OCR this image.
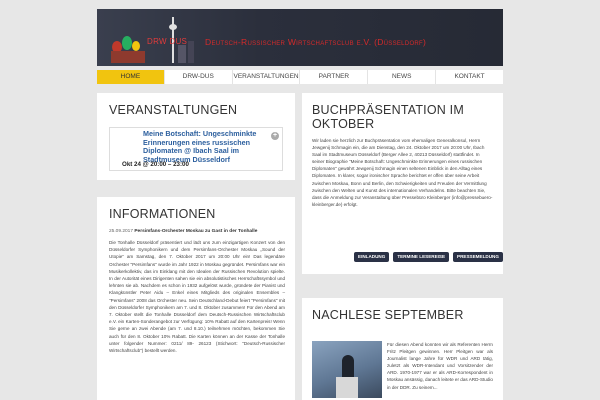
DRW DUS Deutsch-Russischer Wirtschaftsclub e.V. (Düsseldorf)
HOME	DRW-DUS	VERANSTALTUNGEN	PARTNER	NEWS	KONTAKT
VERANSTALTUNGEN
Meine Botschaft: Ungeschminkte Erinnerungen eines russischen Diplomaten @ Ibach Saal im Stadtmuseum Düsseldorf
Okt 24 @ 20:00 – 23:00
+
INFORMATIONEN

25.09.2017 Persimfans-Orchester Moskau zu Gast in der Tonhalle

Die Tonhalle Düsseldorf präsentiert und lädt uns zum einzigartigen Konzert von den Düsseldorfer Symphonikern und dem Persimfans-Orchester Moskau „Sound der Utopie“ am Samstag, den 7. Oktober 2017 um 20:00 Uhr ein! Das legendäre Orchester "Persimfans" wurde im Jahr 1922 in Moskau gegründet. Persimfans war ein Musikerkollektiv, das im Einklang mit den Idealen der Russischen Revolution spielte. In der Autorität eines Dirigenten sahen sie ein absolutistisches Herrschaftssymbol und lehnten sie ab. Nachdem es schon in 1932 aufgelöst wurde, gründete der Pianist und Klangkünstler Peter Aidu – Enkel eines Mitglieds des originalen Ensembles – "Persimfans" 2008 das Orchester neu. Sein Deutschland-Debut feiert "Persimfans" mit den Düsseldorfer Symphonikern am 7. und 8. Oktober zusammen! Für den Abend am 7. Oktober stellt die Tonhalle Düsseldorf dem Deutsch-Russischen Wirtschaftsclub e.V. ein Karten-Sonderangebot zur Verfügung: 10% Rabatt auf den Kartenpreis! Wenn Sie gerne an zwei Abende (am 7. und 8.10.) teilnehmen möchten, bekommen Sie auch für den 8. Oktober 10% Rabatt. Die Karten können an der Kasse der Tonhalle unter folgender Nummer: 0211/ 89- 26123 (Stichwort: "Deutsch-Russischer Wirtschaftsclub") bestellt werden.

BUCHPRÄSENTATION IM OKTOBER

Wir laden sie herzlich zur Buchpräsentation vom ehemaligen Generalkonsul, Herrn Jewgenij Schmagin ein, die am Dienstag, den 24. Oktober 2017 um 20:00 Uhr, Ibach Saal im Stadtmuseum Düsseldorf (Berger Allee 2, 40213 Düsseldorf) stattfindet. In seiner Biographie "Meine Botschaft: Ungeschminkte Erinnerungen eines russischen Diplomaten" gewährt Jewgenij Schmagin einen seltenen Einblick in den Alltag eines Diplomaten. In klarer, sogar ironischer Sprache berichtet er offen über seine Arbeit zwischen Moskau, Bonn und Berlin, den Schwierigkeiten und Freuden der Vermittlung zwischen den Welten und Kunst des internationalen Verhandelns. Bitte beachten Sie, dass die Anmeldung zur Veranstaltung über Pressebüro Kleinberger (info@pressebuero-kleinberger.de) erfolgt.

EINLADUNG	TERMINE LESEREISE	PRESSEMELDUNG
NACHLESE SEPTEMBER

Für diesen Abend konnten wir als Referenten Herrn Fritz Pleitgen gewinnen. Herr Pleitgen war als Journalist lange Jahre für WDR und ARD tätig, zuletzt als WDR-Intendant und Vorsitzender der ARD. 1970-1977 war er als ARD-Korrespondent in Moskau ansässig, danach leitete er das ARD-Studio in der DDR. Zu seinem...
